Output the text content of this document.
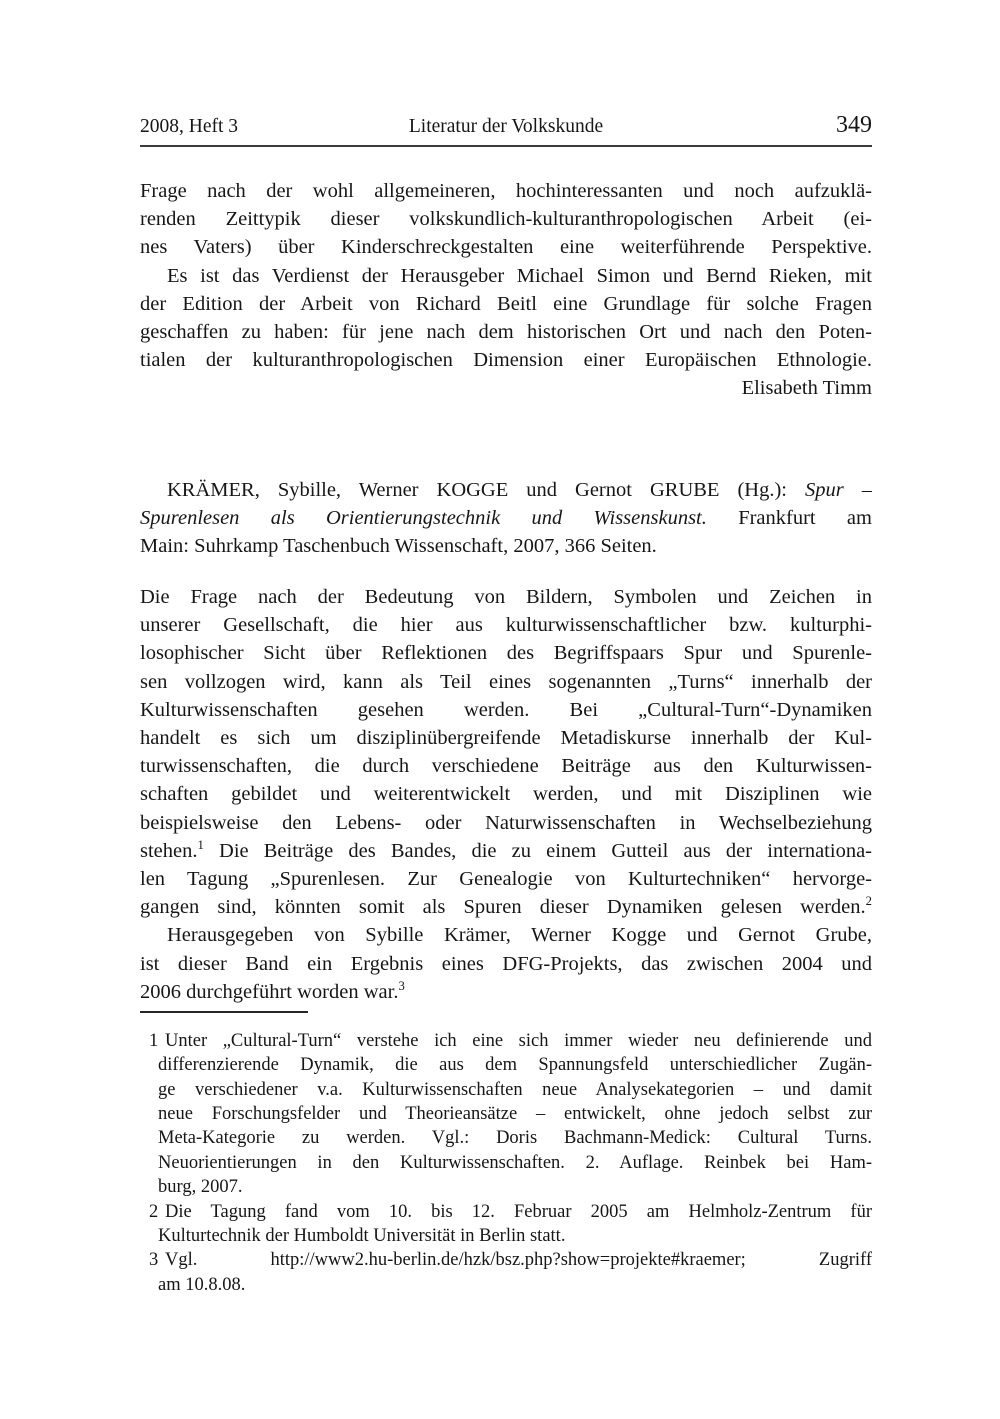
2008, Heft 3	Literatur der Volkskunde	349
Frage nach der wohl allgemeineren, hochinteressanten und noch aufzuklä-
renden Zeittypik dieser volkskundlich-kulturanthropologischen Arbeit (ei-
nes Vaters) über Kinderschreckgestalten eine weiterführende Perspektive.
Es ist das Verdienst der Herausgeber Michael Simon und Bernd Rieken, mit
der Edition der Arbeit von Richard Beitl eine Grundlage für solche Fragen
geschaffen zu haben: für jene nach dem historischen Ort und nach den Poten-
tialen der kulturanthropologischen Dimension einer Europäischen Ethnologie.
Elisabeth Timm
KRÄMER, Sybille, Werner KOGGE und Gernot GRUBE (Hg.): Spur –
Spurenlesen als Orientierungstechnik und Wissenskunst. Frankfurt am
Main: Suhrkamp Taschenbuch Wissenschaft, 2007, 366 Seiten.
Die Frage nach der Bedeutung von Bildern, Symbolen und Zeichen in
unserer Gesellschaft, die hier aus kulturwissenschaftlicher bzw. kulturphi-
losophischer Sicht über Reflektionen des Begriffspaars Spur und Spurenle-
sen vollzogen wird, kann als Teil eines sogenannten „Turns“ innerhalb der
Kulturwissenschaften gesehen werden. Bei „Cultural-Turn“-Dynamiken
handelt es sich um disziplinübergreifende Metadiskurse innerhalb der Kul-
turwissenschaften, die durch verschiedene Beiträge aus den Kulturwissen-
schaften gebildet und weiterentwickelt werden, und mit Disziplinen wie
beispielsweise den Lebens- oder Naturwissenschaften in Wechselbeziehung
stehen.$^1$ Die Beiträge des Bandes, die zu einem Gutteil aus der internationa-
len Tagung „Spurenlesen. Zur Genealogie von Kulturtechniken“ hervorge-
gangen sind, könnten somit als Spuren dieser Dynamiken gelesen werden.$^2$
Herausgegeben von Sybille Krämer, Werner Kogge und Gernot Grube,
ist dieser Band ein Ergebnis eines DFG-Projekts, das zwischen 2004 und
2006 durchgeführt worden war.$^3$
1 Unter „Cultural-Turn“ verstehe ich eine sich immer wieder neu definierende und
differenzierende Dynamik, die aus dem Spannungsfeld unterschiedlicher Zugän-
ge verschiedener v.a. Kulturwissenschaften neue Analysekategorien – und damit
neue Forschungsfelder und Theorieansätze – entwickelt, ohne jedoch selbst zur
Meta-Kategorie zu werden. Vgl.: Doris Bachmann-Medick: Cultural Turns.
Neuorientierungen in den Kulturwissenschaften. 2. Auflage. Reinbek bei Ham-
burg, 2007.
2 Die Tagung fand vom 10. bis 12. Februar 2005 am Helmholz-Zentrum für
Kulturtechnik der Humboldt Universität in Berlin statt.
3 Vgl. http://www2.hu-berlin.de/hzk/bsz.php?show=projekte#kraemer; Zugriff
am 10.8.08.
